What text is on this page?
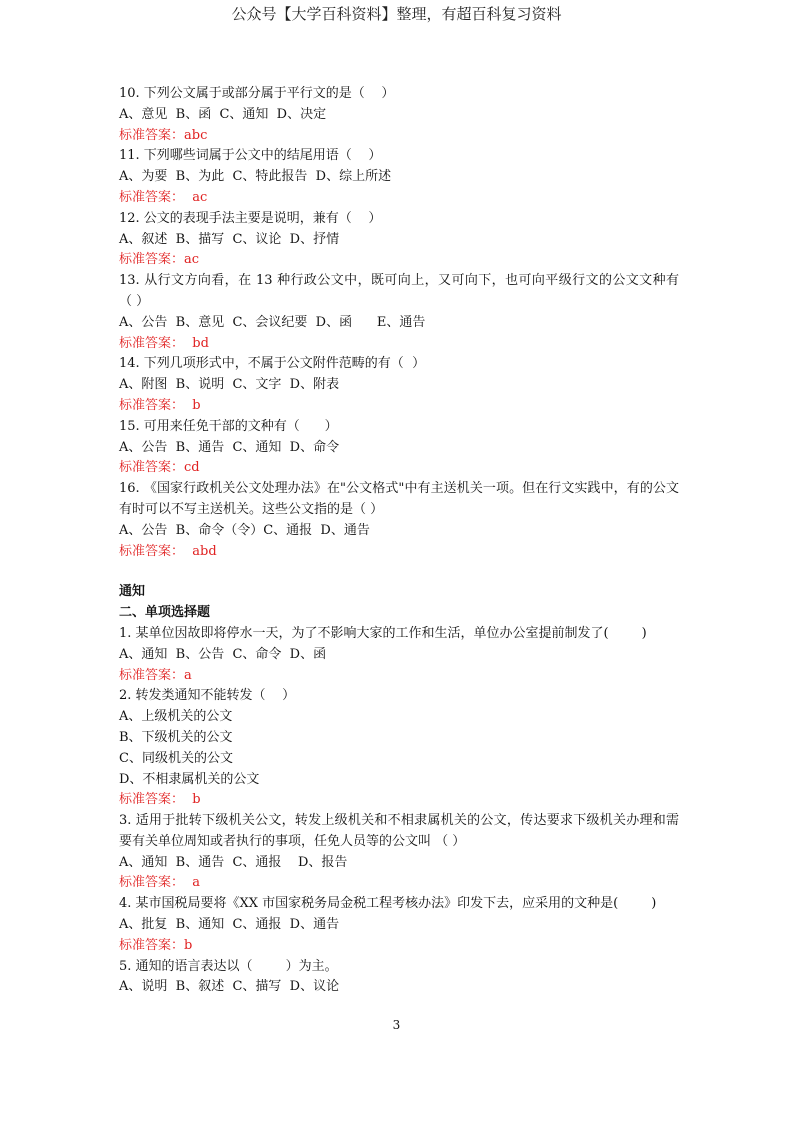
公众号【大学百科资料】整理，有超百科复习资料
10. 下列公文属于或部分属于平行文的是（    ）
A、意见  B、函  C、通知  D、决定
标准答案：abc
11. 下列哪些词属于公文中的结尾用语（    ）
A、为要  B、为此  C、特此报告  D、综上所述
标准答案：  ac
12. 公文的表现手法主要是说明，兼有（    ）
A、叙述  B、描写  C、议论  D、抒情
标准答案：ac
13. 从行文方向看，在 13 种行政公文中，既可向上，又可向下，也可向平级行文的公文文种有 （ ）
A、公告  B、意见  C、会议纪要  D、函      E、通告
标准答案：  bd
14. 下列几项形式中，不属于公文附件范畴的有（  ）
A、附图  B、说明  C、文字  D、附表
标准答案：  b
15. 可用来任免干部的文种有（      ）
A、公告  B、通告  C、通知  D、命令
标准答案：cd
16. 《国家行政机关公文处理办法》在"公文格式"中有主送机关一项。但在行文实践中，有的公文有时可以不写主送机关。这些公文指的是（ ）
A、公告  B、命令（令）C、通报  D、通告
标准答案：  abd
通知
二、单项选择题
1. 某单位因故即将停水一天，为了不影响大家的工作和生活，单位办公室提前制发了(        )
A、通知  B、公告  C、命令  D、函
标准答案：a
2. 转发类通知不能转发（    ）
A、上级机关的公文
B、下级机关的公文
C、同级机关的公文
D、不相隶属机关的公文
标准答案：  b
3. 适用于批转下级机关公文，转发上级机关和不相隶属机关的公文，传达要求下级机关办理和需要有关单位周知或者执行的事项，任免人员等的公文叫 （ ）
A、通知  B、通告  C、通报    D、报告
标准答案：  a
4. 某市国税局要将《XX 市国家税务局金税工程考核办法》印发下去，应采用的文种是(        )
A、批复  B、通知  C、通报  D、通告
标准答案：b
5. 通知的语言表达以（        ）为主。
A、说明  B、叙述  C、描写  D、议论
3
